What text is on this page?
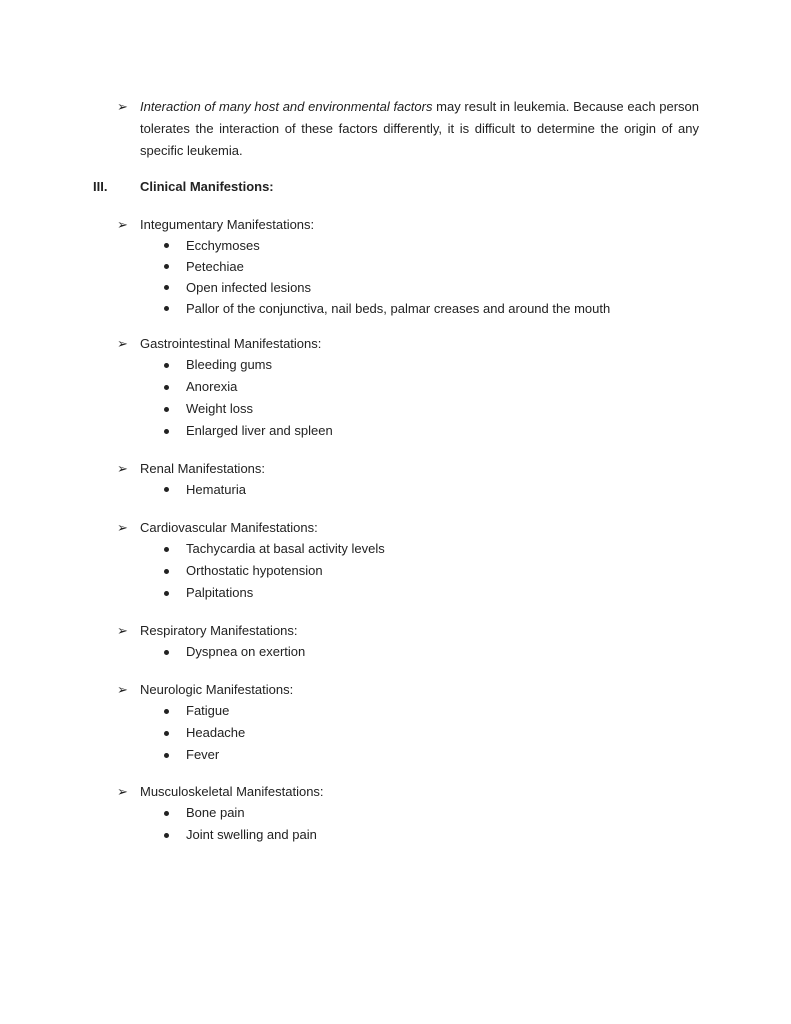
➢ Interaction of many host and environmental factors may result in leukemia. Because each person tolerates the interaction of these factors differently, it is difficult to determine the origin of any specific leukemia.
III.	Clinical Manifestions:
➢ Integumentary Manifestations:
Ecchymoses
Petechiae
Open infected lesions
Pallor of the conjunctiva, nail beds, palmar creases and around the mouth
➢ Gastrointestinal Manifestations:
Bleeding gums
Anorexia
Weight loss
Enlarged liver and spleen
➢ Renal Manifestations:
Hematuria
➢ Cardiovascular Manifestations:
Tachycardia at basal activity levels
Orthostatic hypotension
Palpitations
➢ Respiratory Manifestations:
Dyspnea on exertion
➢ Neurologic Manifestations:
Fatigue
Headache
Fever
➢ Musculoskeletal Manifestations:
Bone pain
Joint swelling and pain
